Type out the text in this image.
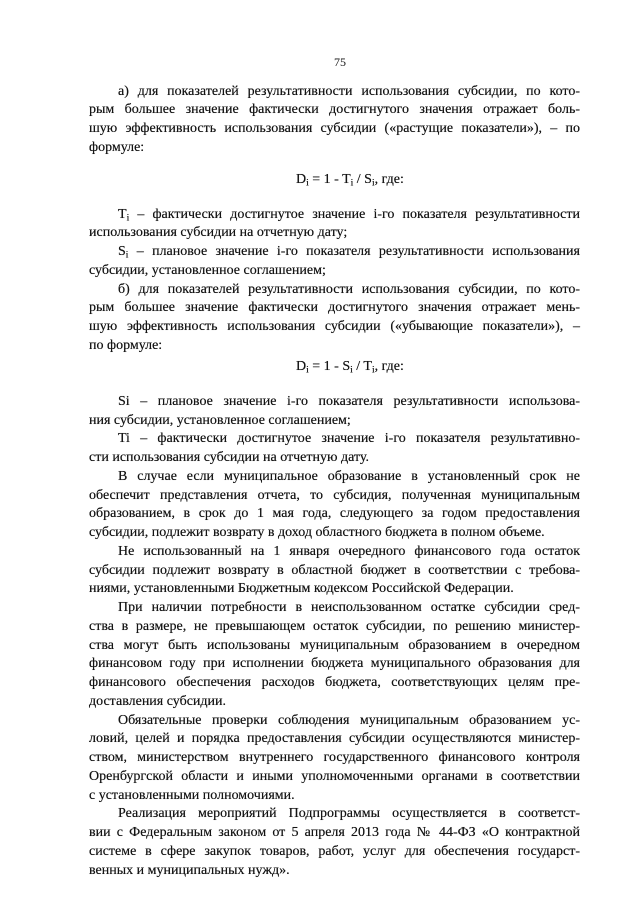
75
а) для показателей результативности использования субсидии, по кото-
рым большее значение фактически достигнутого значения отражает боль-
шую эффективность использования субсидии («растущие показатели»), – по
формуле:
$D_i = 1 - T_i / S_i$, где:
$T_i$ – фактически достигнутое значение i-го показателя результативности
использования субсидии на отчетную дату;
$S_i$ – плановое значение i-го показателя результативности использования
субсидии, установленное соглашением;
б) для показателей результативности использования субсидии, по кото-
рым большее значение фактически достигнутого значения отражает мень-
шую эффективность использования субсидии («убывающие показатели»), –
по формуле:
$D_i = 1 - S_i / T_i$, где:
Si – плановое значение i-го показателя результативности использова-
ния субсидии, установленное соглашением;
Ti – фактически достигнутое значение i-го показателя результативно-
сти использования субсидии на отчетную дату.
В случае если муниципальное образование в установленный срок не
обеспечит представления отчета, то субсидия, полученная муниципальным
образованием, в срок до 1 мая года, следующего за годом предоставления
субсидии, подлежит возврату в доход областного бюджета в полном объеме.
Не использованный на 1 января очередного финансового года остаток
субсидии подлежит возврату в областной бюджет в соответствии с требова-
ниями, установленными Бюджетным кодексом Российской Федерации.
При наличии потребности в неиспользованном остатке субсидии сред-
ства в размере, не превышающем остаток субсидии, по решению министер-
ства могут быть использованы муниципальным образованием в очередном
финансовом году при исполнении бюджета муниципального образования для
финансового обеспечения расходов бюджета, соответствующих целям пре-
доставления субсидии.
Обязательные проверки соблюдения муниципальным образованием ус-
ловий, целей и порядка предоставления субсидии осуществляются министер-
ством, министерством внутреннего государственного финансового контроля
Оренбургской области и иными уполномоченными органами в соответствии
с установленными полномочиями.
Реализация мероприятий Подпрограммы осуществляется в соответст-
вии с Федеральным законом от 5 апреля 2013 года № 44-ФЗ «О контрактной
системе в сфере закупок товаров, работ, услуг для обеспечения государст-
венных и муниципальных нужд».
